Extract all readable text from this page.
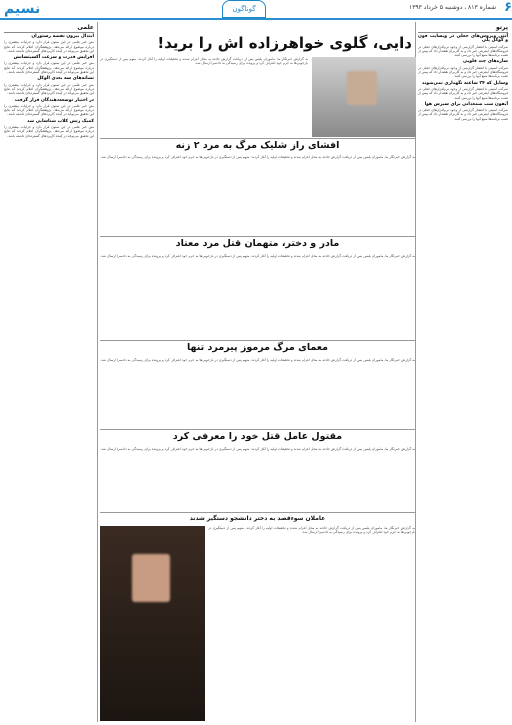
نسیم	گوناگون	شماره ۸۱۳ ، دوشنبه ۵ خرداد ۱۳۹۳ ۶
علمی
ابتذال بیرون نقشه رستوران
متن خبر علمی در این ستون قرار دارد و جزئیات بیشتری را درباره موضوع ارائه می‌دهد. پژوهشگران اعلام کردند که نتایج این تحقیق می‌تواند در آینده کاربردهای گسترده‌ای داشته باشد.
افزایش قدرت و سرعت آکسیتسانش
متن خبر علمی در این ستون قرار دارد و جزئیات بیشتری را درباره موضوع ارائه می‌دهد. پژوهشگران اعلام کردند که نتایج این تحقیق می‌تواند در آینده کاربردهای گسترده‌ای داشته باشد.
نشانه‌های سه بعدی الوکل
متن خبر علمی در این ستون قرار دارد و جزئیات بیشتری را درباره موضوع ارائه می‌دهد. پژوهشگران اعلام کردند که نتایج این تحقیق می‌تواند در آینده کاربردهای گسترده‌ای داشته باشد.
در اختیار توسعه‌دهندگان قرار گرفت
متن خبر علمی در این ستون قرار دارد و جزئیات بیشتری را درباره موضوع ارائه می‌دهد. پژوهشگران اعلام کردند که نتایج این تحقیق می‌تواند در آینده کاربردهای گسترده‌ای داشته باشد.
کمیک زنش کلاب شناسایی شد
متن خبر علمی در این ستون قرار دارد و جزئیات بیشتری را درباره موضوع ارائه می‌دهد. پژوهشگران اعلام کردند که نتایج این تحقیق می‌تواند در آینده کاربردهای گسترده‌ای داشته باشد.
پرتو
آنتی ویروس‌های جعلی در وبسایت فون و گوگل پلی
شرکت امنیتی با انتشار گزارشی از وجود نرم‌افزارهای جعلی در فروشگاه‌های اینترنتی خبر داد و به کاربران هشدار داد که پیش از نصب برنامه‌ها منبع آنها را بررسی کنند.
سازه‌های چند قلوپی
شرکت امنیتی با انتشار گزارشی از وجود نرم‌افزارهای جعلی در فروشگاه‌های اینترنتی خبر داد و به کاربران هشدار داد که پیش از نصب برنامه‌ها منبع آنها را بررسی کنند.
وسایل که ۲۴ ساعته نگهداری نمی‌شوند
شرکت امنیتی با انتشار گزارشی از وجود نرم‌افزارهای جعلی در فروشگاه‌های اینترنتی خبر داد و به کاربران هشدار داد که پیش از نصب برنامه‌ها منبع آنها را بررسی کنند.
آیفون شب شمعدانی برای سیرس هو‌ا
شرکت امنیتی با انتشار گزارشی از وجود نرم‌افزارهای جعلی در فروشگاه‌های اینترنتی خبر داد و به کاربران هشدار داد که پیش از نصب برنامه‌ها منبع آنها را بررسی کنند.
دایی، گلوی خواهرزاده اش را برید!
به گزارش خبرنگار ما، ماموران پلیس پس از دریافت گزارش حادثه به محل اعزام شدند و تحقیقات اولیه را آغاز کردند. متهم پس از دستگیری در بازجویی‌ها به جرم خود اعتراف کرد و پرونده برای رسیدگی به دادسرا ارسال شد.
افشای راز شلیک مرگ به مرد ۲ زنه
به گزارش خبرنگار ما، ماموران پلیس پس از دریافت گزارش حادثه به محل اعزام شدند و تحقیقات اولیه را آغاز کردند. متهم پس از دستگیری در بازجویی‌ها به جرم خود اعتراف کرد و پرونده برای رسیدگی به دادسرا ارسال شد.
مادر و دختر، متهمان قتل مرد معتاد
به گزارش خبرنگار ما، ماموران پلیس پس از دریافت گزارش حادثه به محل اعزام شدند و تحقیقات اولیه را آغاز کردند. متهم پس از دستگیری در بازجویی‌ها به جرم خود اعتراف کرد و پرونده برای رسیدگی به دادسرا ارسال شد.
معمای مرگ مرموز پیرمرد تنها
به گزارش خبرنگار ما، ماموران پلیس پس از دریافت گزارش حادثه به محل اعزام شدند و تحقیقات اولیه را آغاز کردند. متهم پس از دستگیری در بازجویی‌ها به جرم خود اعتراف کرد و پرونده برای رسیدگی به دادسرا ارسال شد.
مقتول عامل قتل خود را معرفی کرد
به گزارش خبرنگار ما، ماموران پلیس پس از دریافت گزارش حادثه به محل اعزام شدند و تحقیقات اولیه را آغاز کردند. متهم پس از دستگیری در بازجویی‌ها به جرم خود اعتراف کرد و پرونده برای رسیدگی به دادسرا ارسال شد.
عاملان سوءقصد به دختر دانشجو دستگیر شدند
به گزارش خبرنگار ما، ماموران پلیس پس از دریافت گزارش حادثه به محل اعزام شدند و تحقیقات اولیه را آغاز کردند. متهم پس از دستگیری در بازجویی‌ها به جرم خود اعتراف کرد و پرونده برای رسیدگی به دادسرا ارسال شد.
